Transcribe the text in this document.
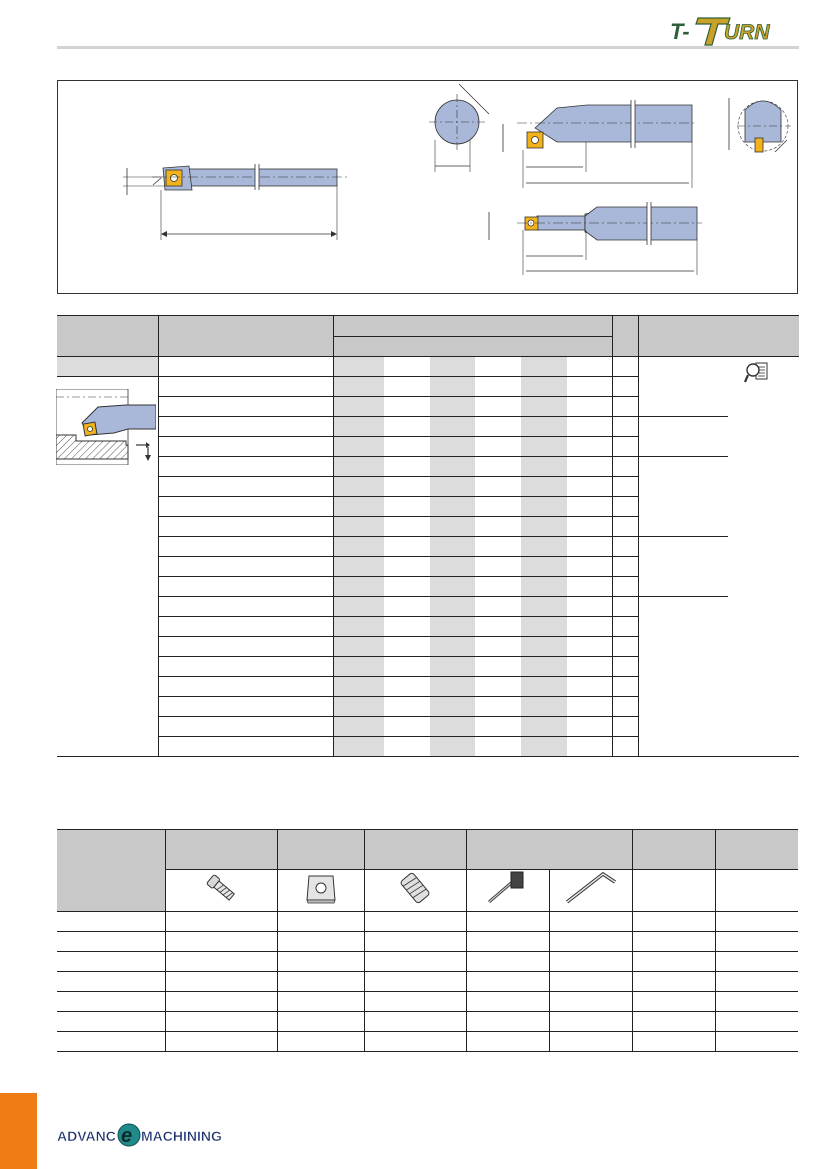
T- URN

ADVANC e MACHINING
